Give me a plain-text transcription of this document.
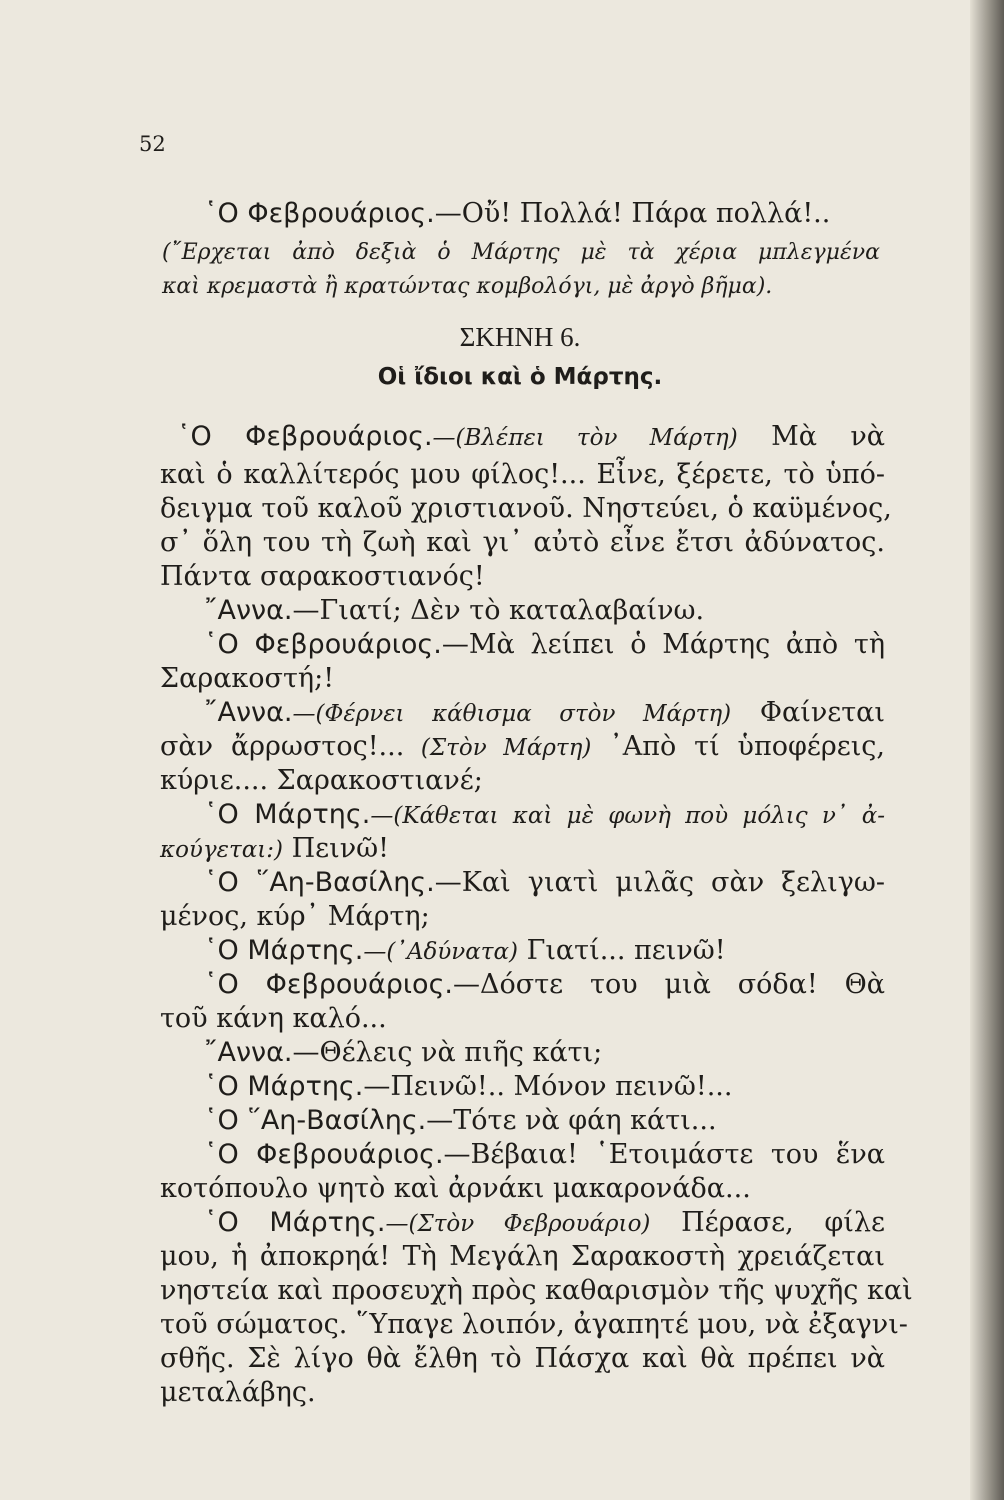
52
῾Ο Φεβρουάριος.—Οὔ! Πολλά! Πάρα πολλά!..
(῎Ερχεται ἀπὸ δεξιὰ ὁ Μάρτης μὲ τὰ χέρια μπλεγμένα
καὶ κρεμαστὰ ἢ κρατώντας κομβολόγι, μὲ ἀργὸ βῆμα).
ΣΚΗΝΗ 6.
Οἱ ἴδιοι καὶ ὁ Μάρτης.
῾Ο Φεβρουάριος.—(Βλέπει τὸν Μάρτη) Μὰ νὰ
καὶ ὁ καλλίτερός μου φίλος!... Εἶνε, ξέρετε, τὸ ὑπό-
δειγμα τοῦ καλοῦ χριστιανοῦ. Νηστεύει, ὁ καϋμένος,
σ᾿ ὅλη του τὴ ζωὴ καὶ γι᾿ αὐτὸ εἶνε ἔτσι ἀδύνατος.
Πάντα σαρακοστιανός!
῎Αννα.—Γιατί; Δὲν τὸ καταλαβαίνω.
῾Ο Φεβρουάριος.—Μὰ λείπει ὁ Μάρτης ἀπὸ τὴ
Σαρακοστή;!
῎Αννα.—(Φέρνει κάθισμα στὸν Μάρτη) Φαίνεται
σὰν ἄρρωστος!... (Στὸν Μάρτη) ᾿Απὸ τί ὑποφέρεις,
κύριε.... Σαρακοστιανέ;
῾Ο Μάρτης.—(Κάθεται καὶ μὲ φωνὴ ποὺ μόλις ν᾿ ἀ-
κούγεται:) Πεινῶ!
῾Ο ῞Αη-Βασίλης.—Καὶ γιατὶ μιλᾶς σὰν ξελιγω-
μένος, κύρ᾿ Μάρτη;
῾Ο Μάρτης.—(᾿Αδύνατα) Γιατί... πεινῶ!
῾Ο Φεβρουάριος.—Δόστε του μιὰ σόδα! Θὰ
τοῦ κάνη καλό...
῎Αννα.—Θέλεις νὰ πιῆς κάτι;
῾Ο Μάρτης.—Πεινῶ!.. Μόνον πεινῶ!...
῾Ο ῞Αη-Βασίλης.—Τότε νὰ φάη κάτι...
῾Ο Φεβρουάριος.—Βέβαια! ῾Ετοιμάστε του ἕνα
κοτόπουλο ψητὸ καὶ ἀρνάκι μακαρονάδα...
῾Ο Μάρτης.—(Στὸν Φεβρουάριο) Πέρασε, φίλε
μου, ἡ ἀποκρηά! Τὴ Μεγάλη Σαρακοστὴ χρειάζεται
νηστεία καὶ προσευχὴ πρὸς καθαρισμὸν τῆς ψυχῆς καὶ
τοῦ σώματος. ῞Υπαγε λοιπόν, ἀγαπητέ μου, νὰ ἐξαγνι-
σθῆς. Σὲ λίγο θὰ ἔλθη τὸ Πάσχα καὶ θὰ πρέπει νὰ
μεταλάβης.
